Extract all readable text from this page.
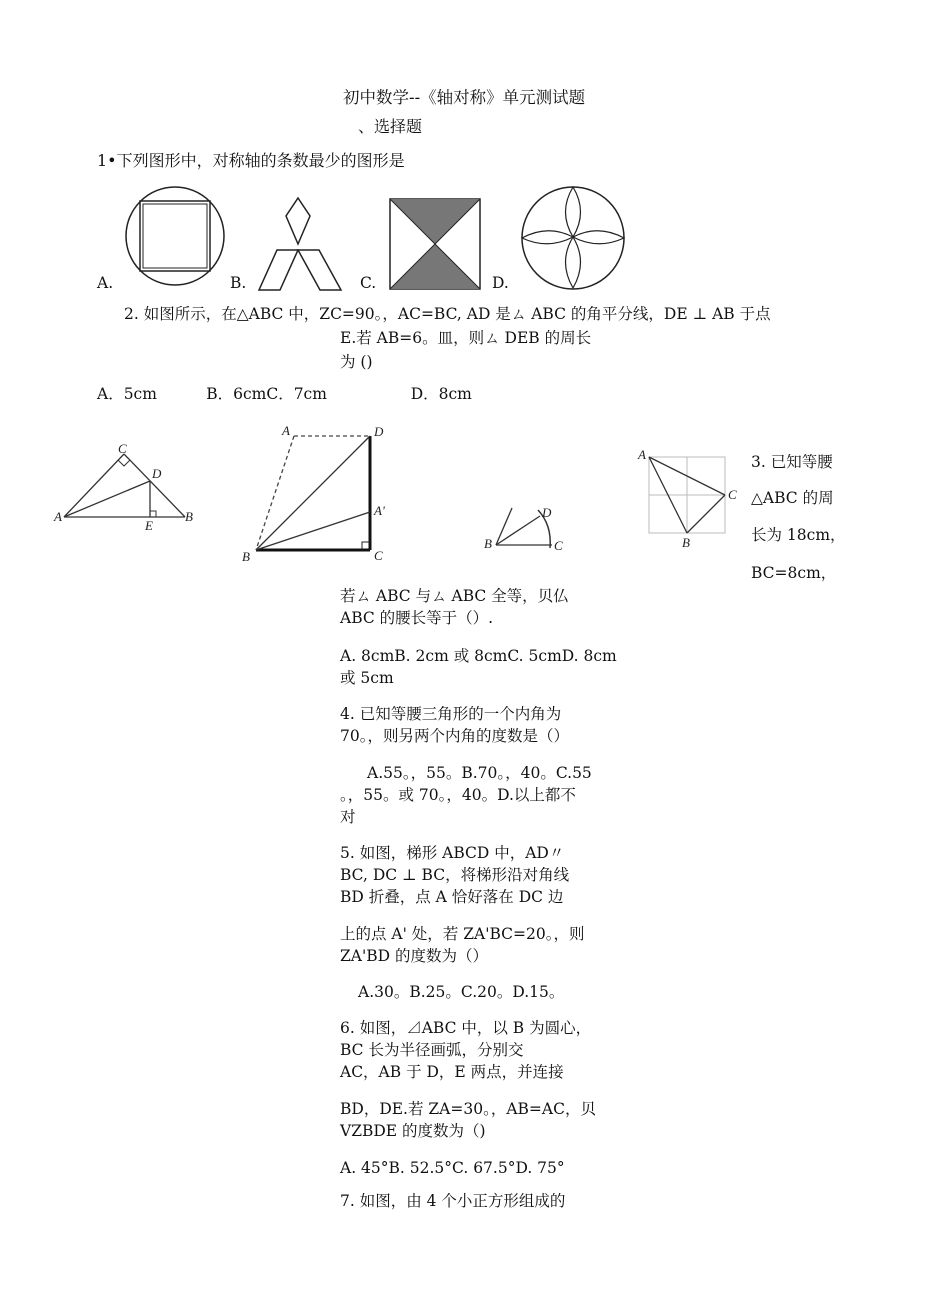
初中数学--《轴对称》单元测试题
、选择题
1•下列图形中，对称轴的条数最少的图形是
A.	B.	C.	D.
2. 如图所示，在△ABC 中，ZC=90。，AC=BC, AD 是ㄙ ABC 的角平分线，DE ⊥ AB 于点
E.若 AB=6。皿，则ㄙ DEB 的周长
为 ()
A．5cm          B．6cmC．7cm                 D．8cm
C
D
A
E
B
A	D
A'
B	C
D
B	C
A
C
B
3. 已知等腰
△ABC 的周
长为 18cm，
BC=8cm，
若ㄙ ABC 与ㄙ ABC 全等，贝仏
ABC 的腰长等于（）.
A. 8cmB. 2cm 或 8cmC. 5cmD. 8cm
或 5cm
4. 已知等腰三角形的一个内角为
70。，则另两个内角的度数是（）
A.55。，55。B.70。，40。C.55
。，55。或 70。，40。D.以上都不
对
5. 如图，梯形 ABCD 中，AD〃
BC, DC ⊥ BC，将梯形沿对角线
BD 折叠，点 A 恰好落在 DC 边
上的点 A' 处，若 ZA'BC=20。，则
ZA'BD 的度数为（）
A.30。B.25。C.20。D.15。
6. 如图，⊿ABC 中，以 B 为圆心，
BC 长为半径画弧，分别交
AC，AB 于 D，E 两点，并连接
BD，DE.若 ZA=30。，AB=AC，贝
VZBDE 的度数为（)
A. 45°B. 52.5°C. 67.5°D. 75°
7. 如图，由 4 个小正方形组成的
